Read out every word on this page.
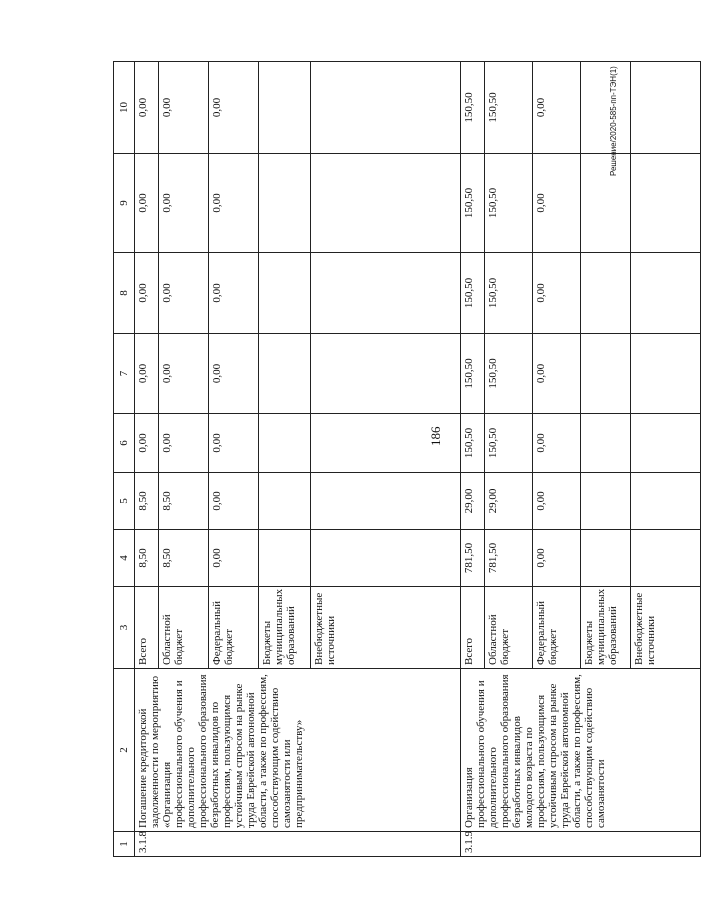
186
Решение/2020-585-пп-ТЭН(1)
1	2	3	4	5	6	7	8	9	10
3.1.8	Погашение кредиторской задолженности по мероприятию «Организация профессионального обучения и дополнительного профессионального образования безработных инвалидов по профессиям, пользующимся устойчивым спросом на рынке труда Еврейской автономной области, а также по профессиям, способствующим содействию самозанятости или предпринимательству»	Всего	8,50	8,50	0,00	0,00	0,00	0,00	0,00
		Областной бюджет	8,50	8,50	0,00	0,00	0,00	0,00	0,00
		Федеральный бюджет	0,00	0,00	0,00	0,00	0,00	0,00	0,00
		Бюджеты муниципальных образований							
		Внебюджетные источники							
3.1.9	Организация профессионального обучения и дополнительного профессионального образования безработных инвалидов молодого возраста по профессиям, пользующимся устойчивым спросом на рынке труда Еврейской автономной области, а также по профессиям, способствующим содействию самозанятости	Всего	781,50	29,00	150,50	150,50	150,50	150,50	150,50
		Областной бюджет	781,50	29,00	150,50	150,50	150,50	150,50	150,50
		Федеральный бюджет	0,00	0,00	0,00	0,00	0,00	0,00	0,00
		Бюджеты муниципальных образований							
		Внебюджетные источники							
